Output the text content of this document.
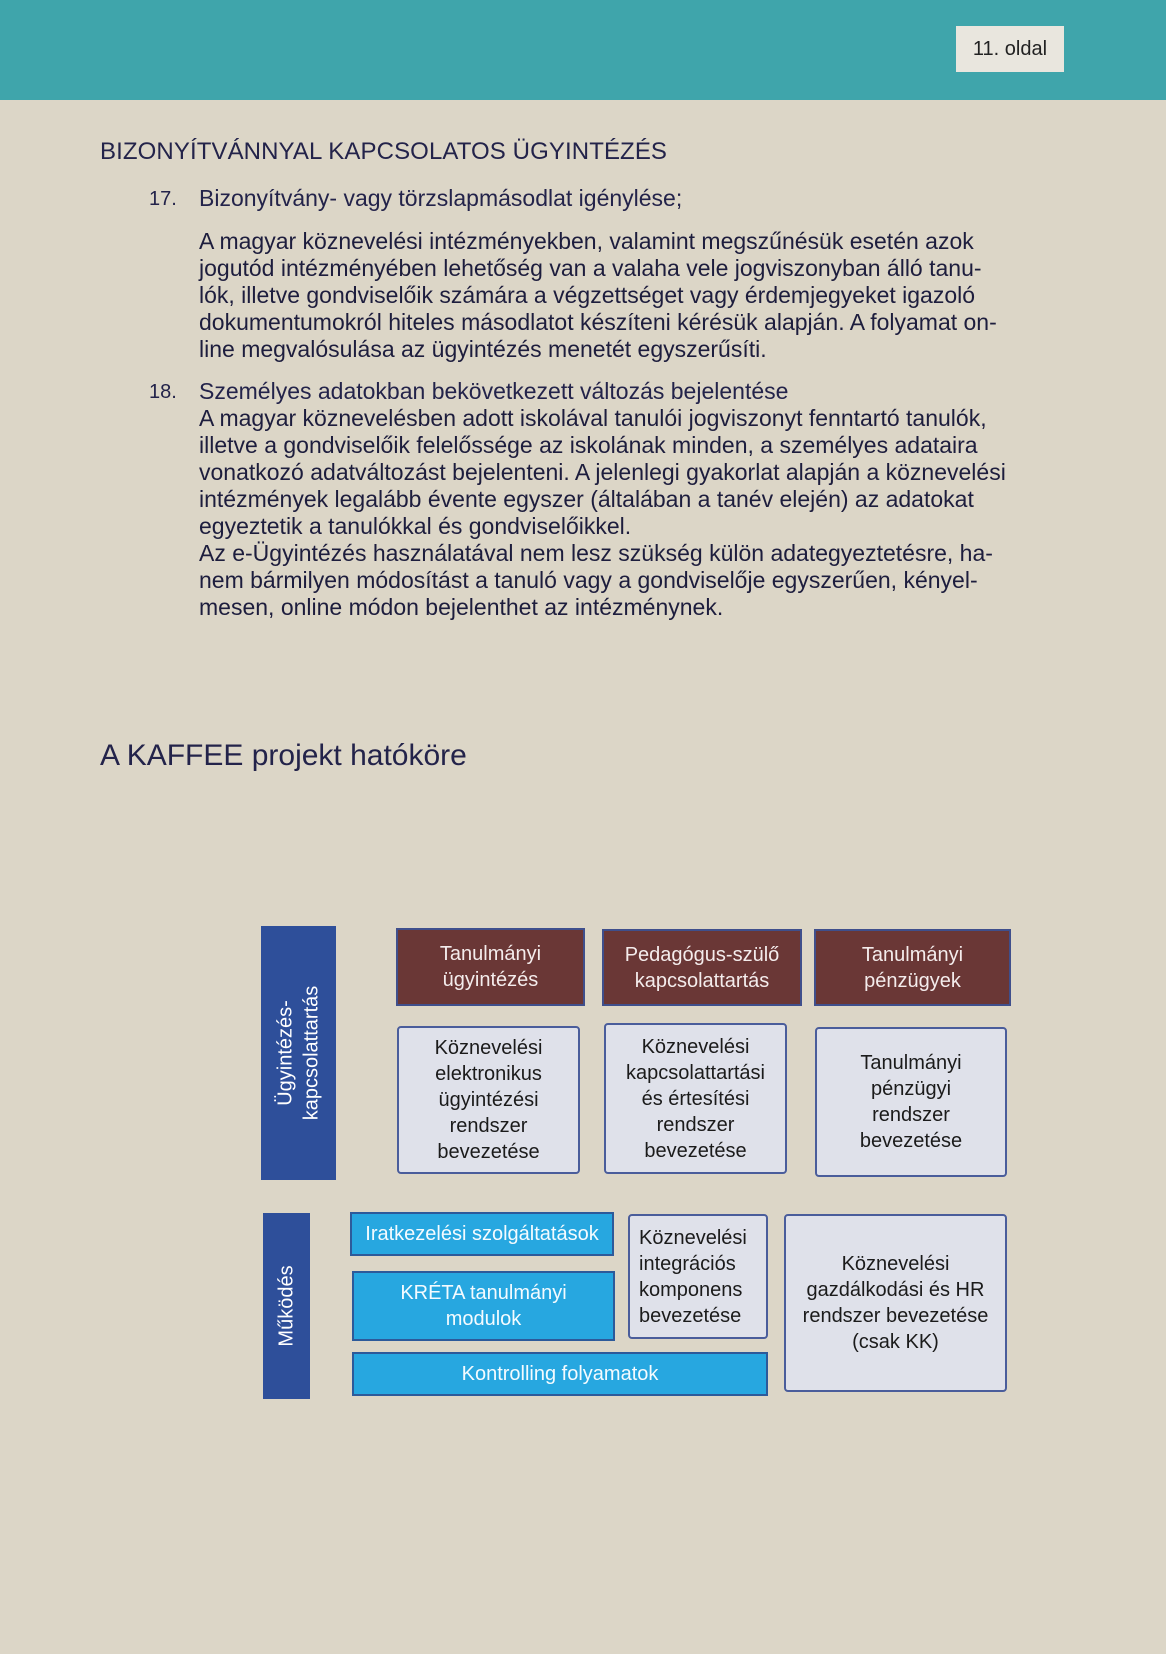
11. oldal
BIZONYÍTVÁNNYAL KAPCSOLATOS ÜGYINTÉZÉS
17. Bizonyítvány- vagy törzslapmásodlat igénylése;
A magyar köznevelési intézményekben, valamint megszűnésük esetén azok
jogutód intézményében lehetőség van a valaha vele jogviszonyban álló tanu-
lók, illetve gondviselőik számára a végzettséget vagy érdemjegyeket igazoló
dokumentumokról hiteles másodlatot készíteni kérésük alapján. A folyamat on-
line megvalósulása az ügyintézés menetét egyszerűsíti.
18. Személyes adatokban bekövetkezett változás bejelentése
A magyar köznevelésben adott iskolával tanulói jogviszonyt fenntartó tanulók,
illetve a gondviselőik felelőssége az iskolának minden, a személyes adataira
vonatkozó adatváltozást bejelenteni. A jelenlegi gyakorlat alapján a köznevelési
intézmények legalább évente egyszer (általában a tanév elején) az adatokat
egyeztetik a tanulókkal és gondviselőikkel.
Az e-Ügyintézés használatával nem lesz szükség külön adategyeztetésre, ha-
nem bármilyen módosítást a tanuló vagy a gondviselője egyszerűen, kényel-
mesen, online módon bejelenthet az intézménynek.
A KAFFEE projekt hatóköre
Ügyintézés-
kapcsolattartás
Működés
Tanulmányi
ügyintézés
Pedagógus-szülő
kapcsolattartás
Tanulmányi
pénzügyek
Köznevelési
elektronikus
ügyintézési
rendszer
bevezetése
Köznevelési
kapcsolattartási
és értesítési
rendszer
bevezetése
Tanulmányi
pénzügyi
rendszer
bevezetése
Iratkezelési szolgáltatások
KRÉTA tanulmányi
modulok
Köznevelési
integrációs
komponens
bevezetése
Köznevelési
gazdálkodási és HR
rendszer bevezetése
(csak KK)
Kontrolling folyamatok
